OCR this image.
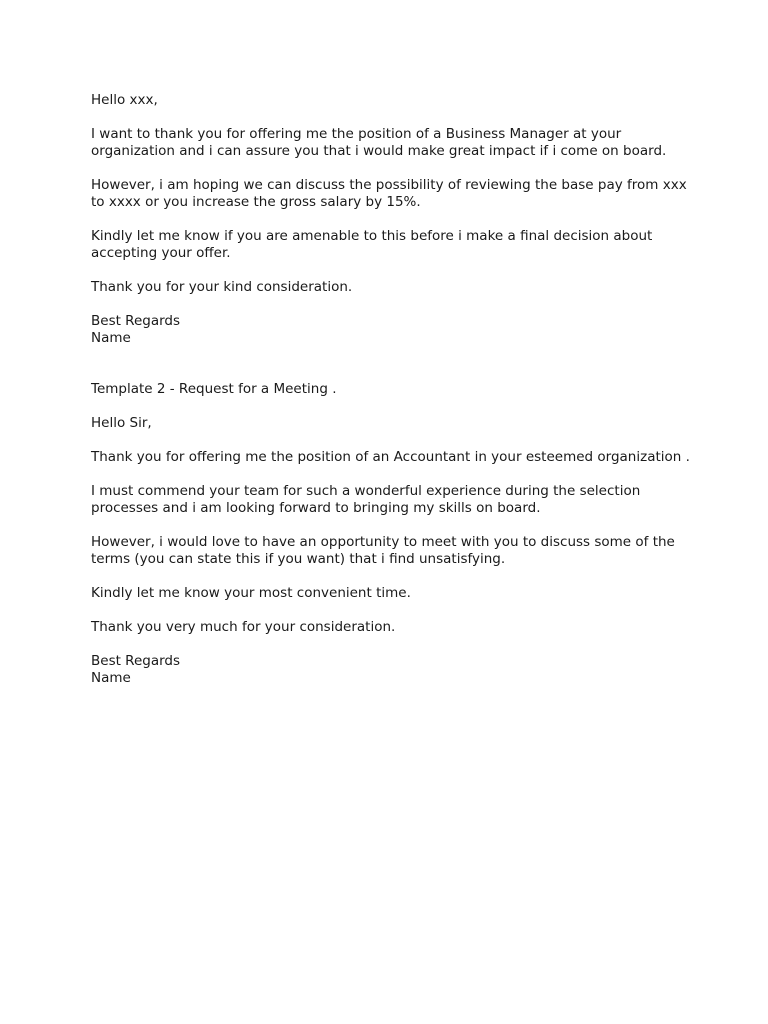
Hello xxx,
I want to thank you for offering me the position of a Business Manager at your
organization and i can assure you that i would make great impact if i come on board.
However, i am hoping we can discuss the possibility of reviewing the base pay from xxx
to xxxx or you increase the gross salary by 15%.
Kindly let me know if you are amenable to this before i make a final decision about
accepting your offer.
Thank you for your kind consideration.
Best Regards
Name
Template 2 - Request for a Meeting .
Hello Sir,
Thank you for offering me the position of an Accountant in your esteemed organization .
I must commend your team for such a wonderful experience during the selection
processes and i am looking forward to bringing my skills on board.
However, i would love to have an opportunity to meet with you to discuss some of the
terms (you can state this if you want) that i find unsatisfying.
Kindly let me know your most convenient time.
Thank you very much for your consideration.
Best Regards
Name
